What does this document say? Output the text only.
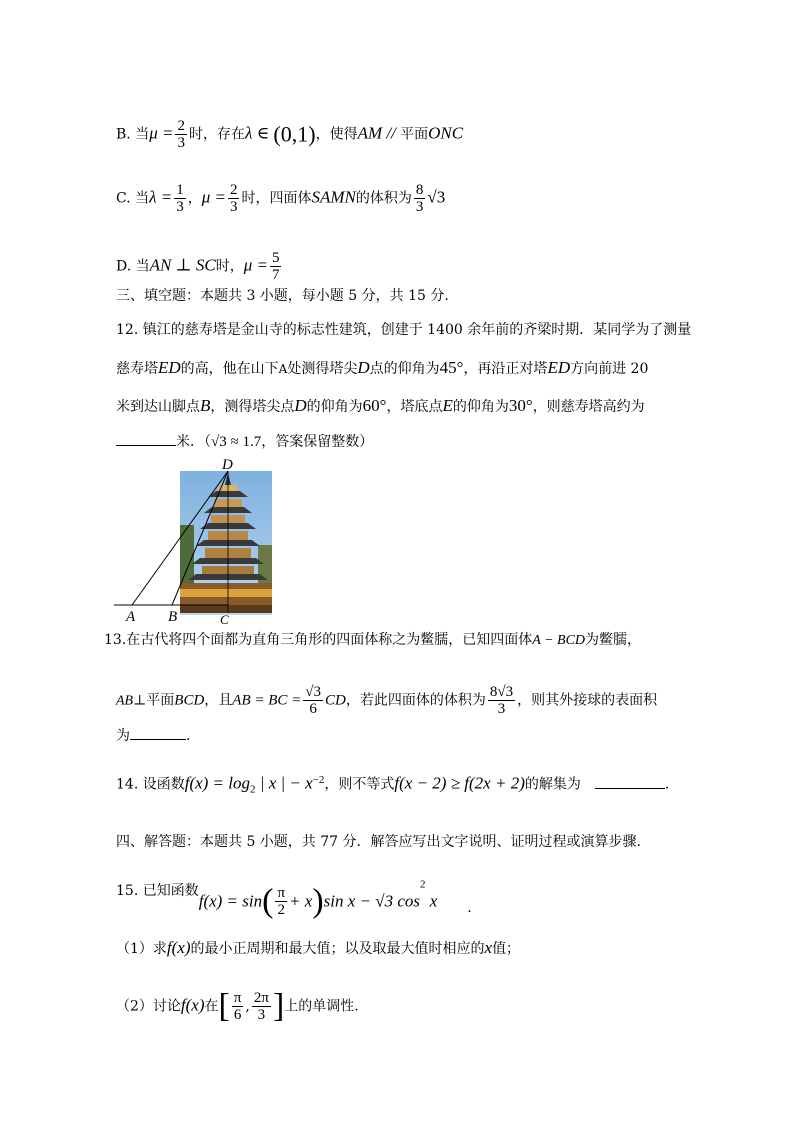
B. 当$\mu = \frac{2}{3}$ 时，存在λ ∈ (0,1)，使得AM // 平面ONC
C. 当$\lambda = \frac{1}{3}$ ，$\mu = \frac{2}{3}$ 时，四面体SAMN的体积为 $\frac{8}{3} √3$
D. 当AN ⊥ SC时，$\mu = \frac{5}{7}$
三、填空题：本题共 3 小题，每小题 5 分，共 15 分.
12. 镇江的慈寿塔是金山寺的标志性建筑，创建于 1400 余年前的齐梁时期．某同学为了测量
慈寿塔ED的高，他在山下A处测得塔尖D点的仰角为45°，再沿正对塔ED方向前进 20
米到达山脚点B，测得塔尖点D的仰角为60°，塔底点E的仰角为30°，则慈寿塔高约为
米．（√3 ≈ 1.7，答案保留整数）
D
A B	C
13.在古代将四个面都为直角三角形的四面体称之为鳖臑，已知四面体A − BCD为鳖臑，
AB⊥平面BCD，且AB = BC = $\frac{√3}{6}$ CD，若此四面体的体积为 $\frac{8√3}{3}$ ，则其外接球的表面积
为	.
14. 设函数$f(x) = \log_2$ | x | − $x^{-2}$，则不等式f(x − 2) ≥ f(2x + 2)的解集为	.
四、解答题：本题共 5 小题，共 77 分．解答应写出文字说明、证明过程或演算步骤.
15. 已知函数$f(x) = \sin( \frac{\pi}{2} + x)\sin$ x − √3 $\cos^2 x$ .
（1）求f(x)的最小正周期和最大值；以及取最大值时相应的x值；
（2）讨论f(x)在[ $\frac{\pi}{6}$ , $\frac{2\pi}{3}$ ]上的单调性.
